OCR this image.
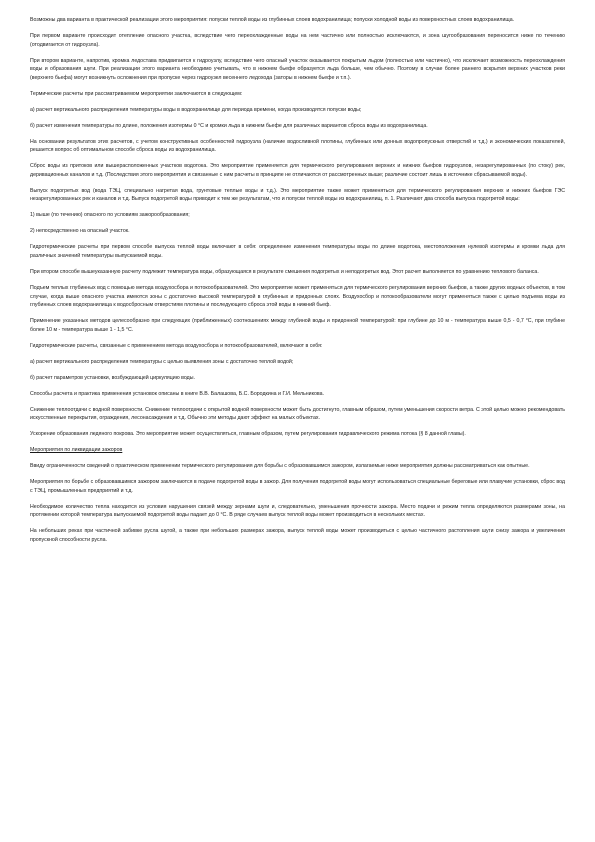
Возможны два варианта в практической реализации этого мероприятия: попуски теплой воды из глубинных слоев водохранилища; попуски холодной воды из поверхностных слоев водохранилища.

При первом варианте происходит отепление опасного участка, вследствие чего переохлажденные воды на нем частично или полностью исключаются, и зона шугообразования переносится ниже по течению (отодвигается от гидроузла).

При втором варианте, напротив, кромка ледостава придвигается к гидроузлу, вследствие чего опасный участок оказывается покрытым льдом (полностью или частично), что исключает возможность переохлаждения воды и образования шуги. При реализации этого варианта необходимо учитывать, что в нижнем бьефе образуется льда больше, чем обычно. Поэтому в случае более раннего вскрытия верхних участков реки (верхнего бьефа) могут возникнуть осложнения при пропуске через гидроузел весеннего ледохода (заторы в нижнем бьефе и т.п.).

Термические расчеты при рассматриваемом мероприятии заключаются в следующем:

а) расчет вертикального распределения температуры воды в водохранилище для периода времени, когда производятся попуски воды;

б) расчет изменения температуры по длине, положения изотермы 0 °С и кромки льда в нижнем бьефе для различных вариантов сброса воды из водохранилища.

На основании результатов этих расчетов, с учетом конструктивных особенностей гидроузла (наличие водосливной плотины, глубинных или донных водопропускных отверстий и т.д.) и экономических показателей, решается вопрос об оптимальном способе сброса воды из водохранилища.

Сброс воды из притоков или вышерасположенных участков водотока. Это мероприятие применяется для термического регулирования верхних и нижних бьефов гидроузлов, незарегулированных (по стоку) рек, деривационных каналов и т.д. (Последствия этого мероприятия и связанные с ним расчеты в принципе не отличаются от рассмотренных выше; различие состоит лишь в источнике сбрасываемой воды).

Выпуск подогретых вод (вода ТЭЦ, специально нагретая вода, грунтовые теплые воды и т.д.). Это мероприятие также может применяться для термического регулирования верхних и нижних бьефов ГЭС незарегулированных рек и каналов и т.д. Выпуск подогретой воды приводит к тем же результатам, что и попуски теплой воды из водохранилищ, п. 1. Различают два способа выпуска подогретой воды:

1) выше (по течению) опасного по условиям зажорообразования;

2) непосредственно на опасный участок.

Гидротермические расчеты при первом способе выпуска теплой воды включают в себя: определение изменения температуры воды по длине водотока, местоположения нулевой изотермы и кромки льда для различных значений температуры выпускаемой воды.

При втором способе вышеуказанную расчету подлежит температура воды, образующаяся в результате смешения подогретых и неподогретых вод. Этот расчет выполняется по уравнению теплового баланса.

Подъем теплых глубинных вод с помощью метода воздухосбора и потокообразователей. Это мероприятие может применяться для термического регулирования верхних бьефов, а также других водных объектов, в том случае, когда выше опасного участка имеются зоны с достаточно высокой температурой в глубинных и придонных слоях. Воздухосбор и потокообразователи могут применяться также с целью подъема воды из глубинных слоев водохранилища к водосбросным отверстиям плотины и последующего сброса этой воды в нижний бьеф.

Применение указанных методов целесообразно при следующих (приближенных) соотношениях между глубиной воды и придонной температурой: при глубине до 10 м - температура выше 0,5 - 0,7 °С, при глубине более 10 м - температура выше 1 - 1,5 °С.

Гидротермические расчеты, связанные с применением метода воздухосбора и потокообразователей, включают в себя:

а) расчет вертикального распределения температуры с целью выявления зоны с достаточно теплой водой;

б) расчет параметров установки, возбуждающей циркуляцию воды.

Способы расчета и практика применения установок описаны в книге В.В. Балашова, Б.С. Бородкина и Г.И. Мельникова.

Снижение теплоотдачи с водной поверхности. Снижение теплоотдачи с открытой водной поверхности может быть достигнуто, главным образом, путем уменьшения скорости ветра. С этой целью можно рекомендовать искусственные перекрытия, ограждения, лесонасаждения и т.д. Обычно эти методы дают эффект на малых объектах.

Ускорение образования ледяного покрова. Это мероприятие может осуществляться, главным образом, путем регулирования гидравлического режима потока (§ 8 данной главы).

Мероприятия по ликвидации зажоров

Ввиду ограниченности сведений о практическом применении термического регулирования для борьбы с образовавшимся зажором, излагаемые ниже мероприятия должны рассматриваться как опытные.

Мероприятия по борьбе с образовавшимся зажором заключаются в подаче подогретой воды в зажор. Для получения подогретой воды могут использоваться специальные береговые или плавучие установки, сброс вод с ТЭЦ, промышленных предприятий и т.д.

Необходимое количество тепла находится из условия нарушения связей между зернами шуги и, следовательно, уменьшения прочности зажора. Место подачи и режим тепла определяются размерами зоны, на протяжении которой температура выпускаемой подогретой воды падает до 0 °С. В ряде случаев выпуск теплой воды может производиться в нескольких местах.

На небольших реках при частичной забивке русла шугой, а также при небольших размерах зажора, выпуск теплой воды может производиться с целью частичного растопления шуги снизу зажора и увеличения пропускной способности русла.
